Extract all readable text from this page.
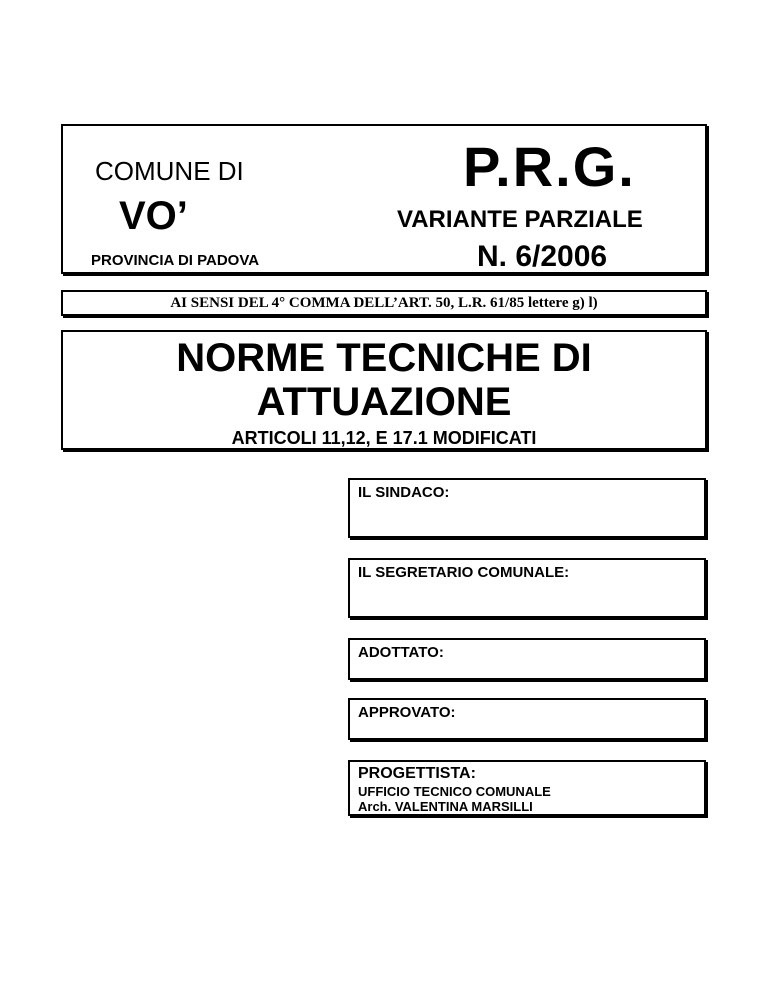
COMUNE DI
VO’
PROVINCIA DI PADOVA
P.R.G.
VARIANTE PARZIALE
N. 6/2006
AI SENSI DEL 4° COMMA DELL’ART. 50, L.R. 61/85 lettere g) l)
NORME TECNICHE DI ATTUAZIONE
ARTICOLI 11,12, E 17.1 MODIFICATI
IL SINDACO:
IL SEGRETARIO COMUNALE:
ADOTTATO:
APPROVATO:
PROGETTISTA:
UFFICIO TECNICO COMUNALE
Arch. VALENTINA MARSILLI
